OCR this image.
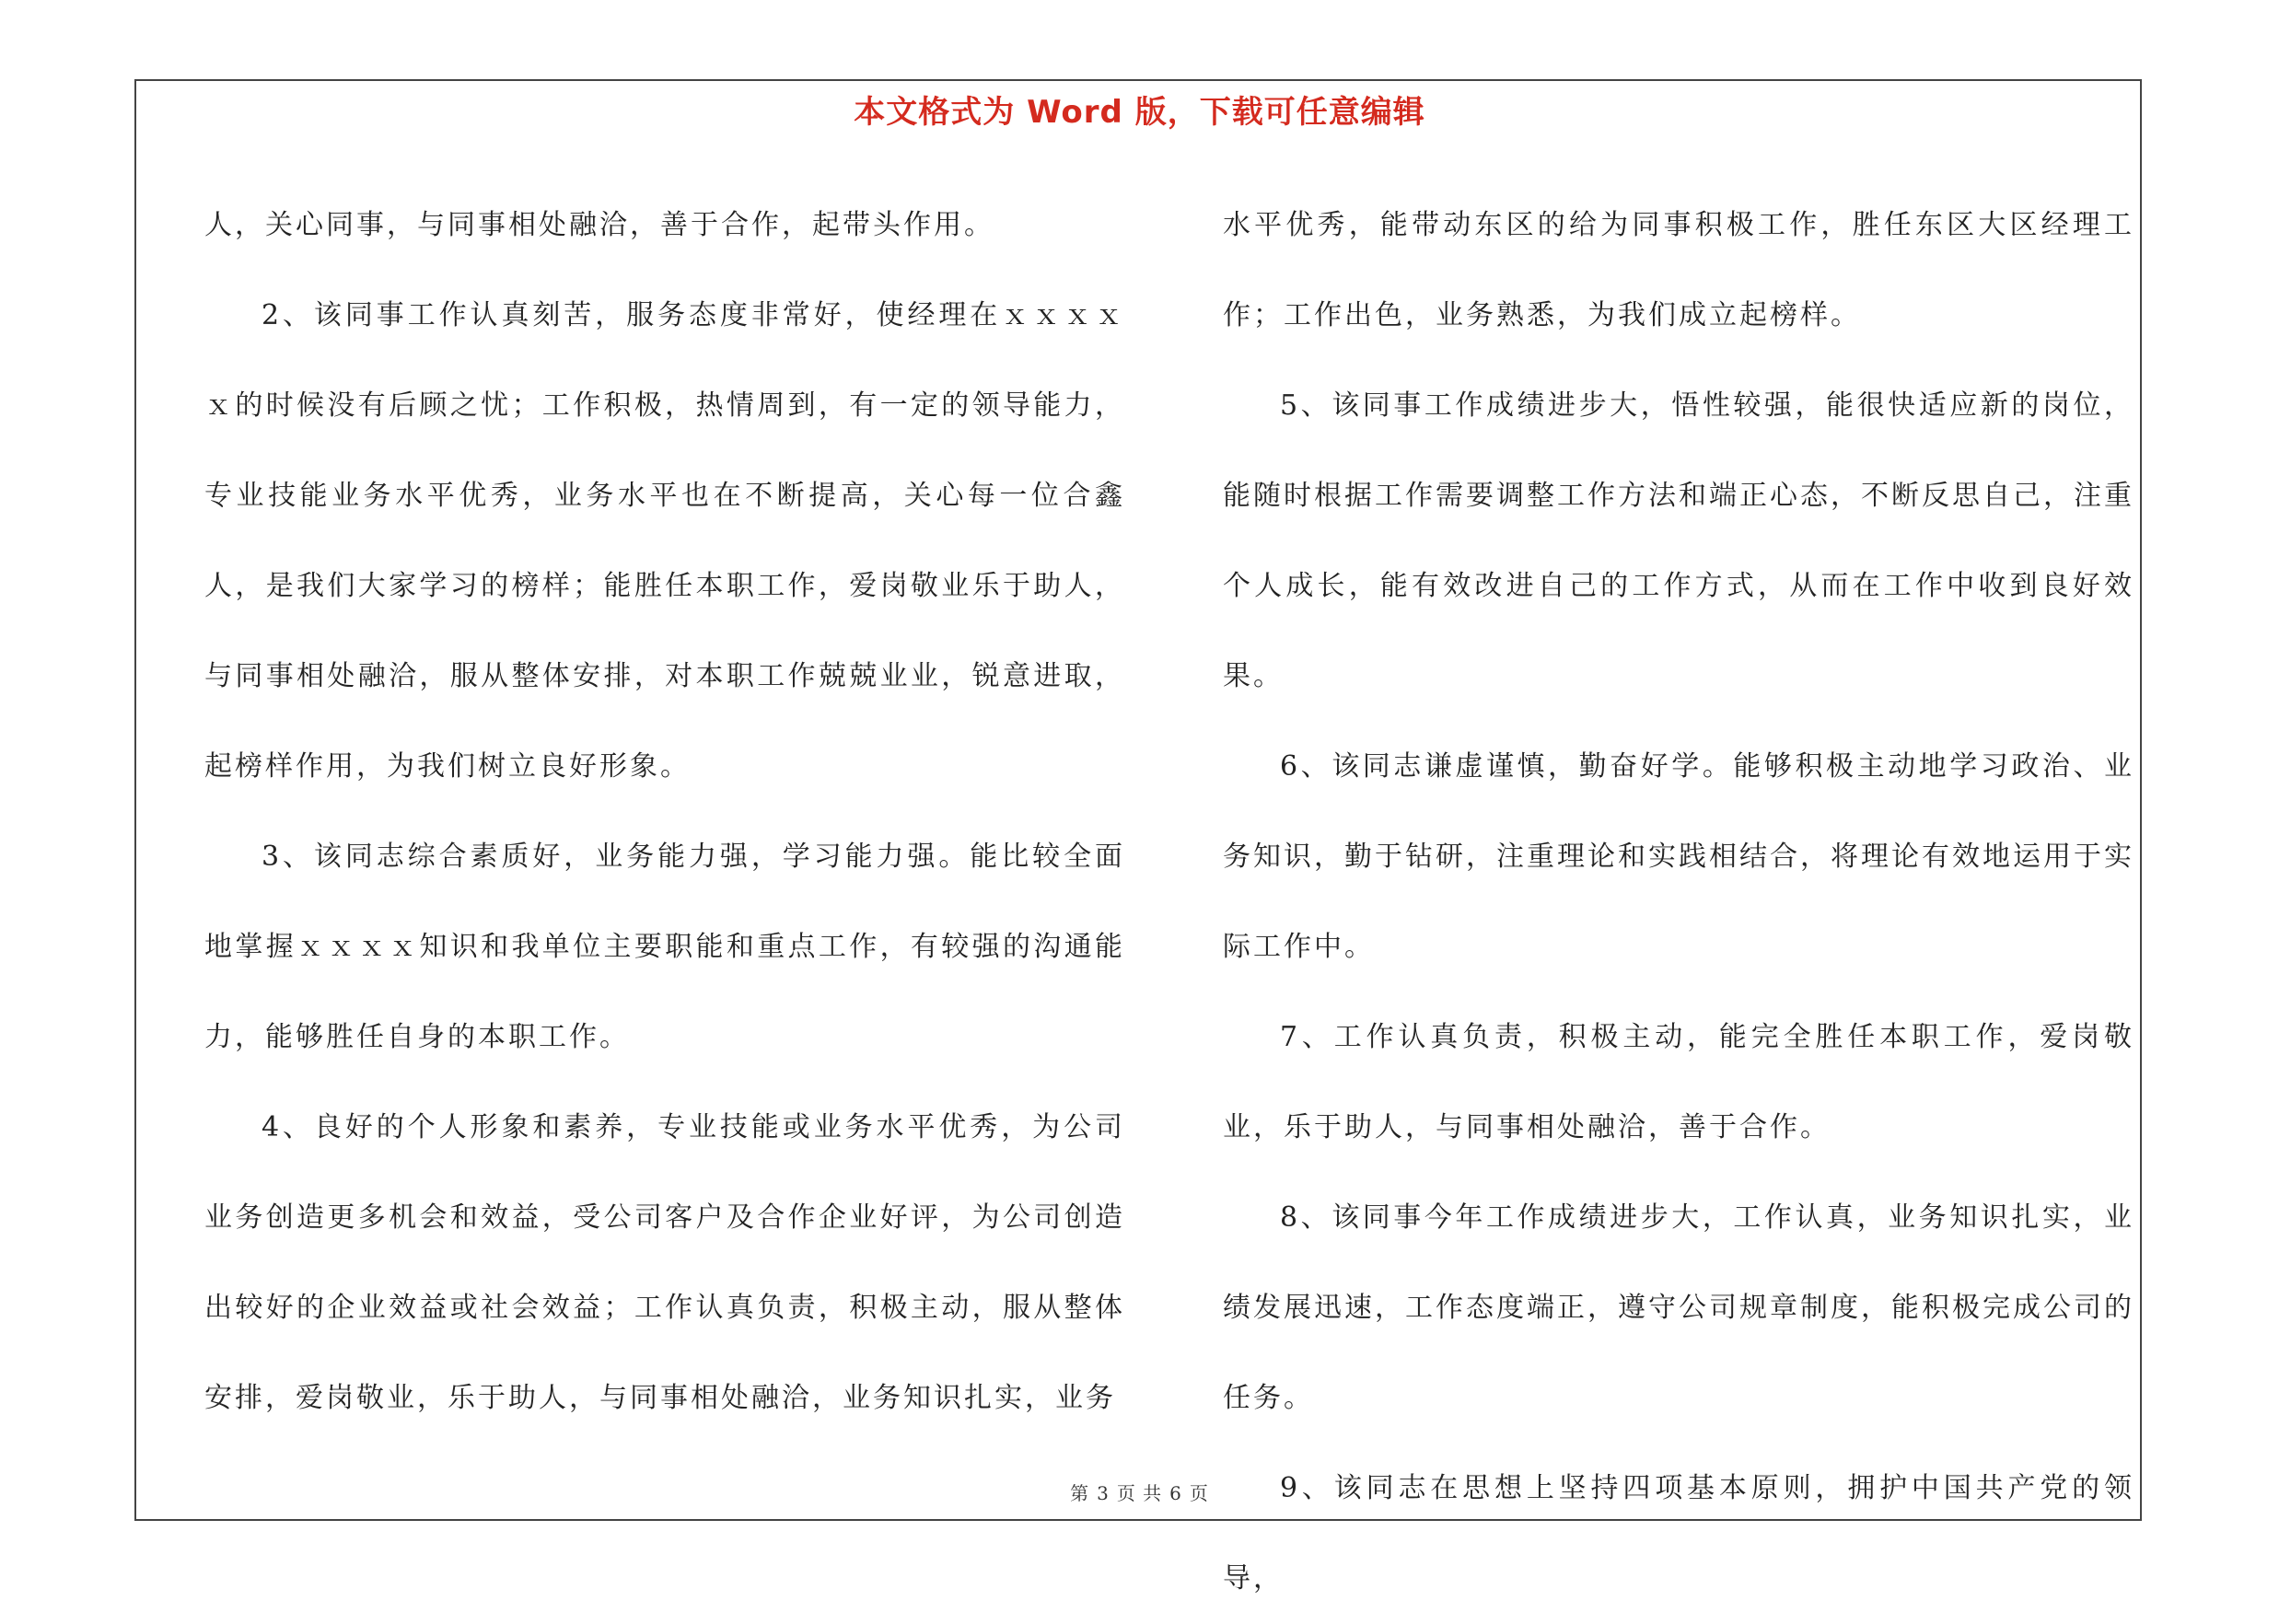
本文格式为 Word 版，下载可任意编辑

人，关心同事，与同事相处融洽，善于合作，起带头作用。

2、该同事工作认真刻苦，服务态度非常好，使经理在ｘｘｘｘｘ的时候没有后顾之忧；工作积极，热情周到，有一定的领导能力，专业技能业务水平优秀，业务水平也在不断提高，关心每一位合鑫人，是我们大家学习的榜样；能胜任本职工作，爱岗敬业乐于助人，与同事相处融洽，服从整体安排，对本职工作兢兢业业，锐意进取，起榜样作用，为我们树立良好形象。

3、该同志综合素质好，业务能力强，学习能力强。能比较全面地掌握ｘｘｘｘ知识和我单位主要职能和重点工作，有较强的沟通能力，能够胜任自身的本职工作。

4、良好的个人形象和素养，专业技能或业务水平优秀，为公司业务创造更多机会和效益，受公司客户及合作企业好评，为公司创造出较好的企业效益或社会效益；工作认真负责，积极主动，服从整体安排，爱岗敬业，乐于助人，与同事相处融洽，业务知识扎实，业务

水平优秀，能带动东区的给为同事积极工作，胜任东区大区经理工作；工作出色，业务熟悉，为我们成立起榜样。

5、该同事工作成绩进步大，悟性较强，能很快适应新的岗位，能随时根据工作需要调整工作方法和端正心态，不断反思自己，注重个人成长，能有效改进自己的工作方式，从而在工作中收到良好效果。

6、该同志谦虚谨慎，勤奋好学。能够积极主动地学习政治、业务知识，勤于钻研，注重理论和实践相结合，将理论有效地运用于实际工作中。

7、工作认真负责，积极主动，能完全胜任本职工作，爱岗敬业，乐于助人，与同事相处融洽，善于合作。

8、该同事今年工作成绩进步大，工作认真，业务知识扎实，业绩发展迅速，工作态度端正，遵守公司规章制度，能积极完成公司的任务。

9、该同志在思想上坚持四项基本原则，拥护中国共产党的领导，

第 3 页 共 6 页
